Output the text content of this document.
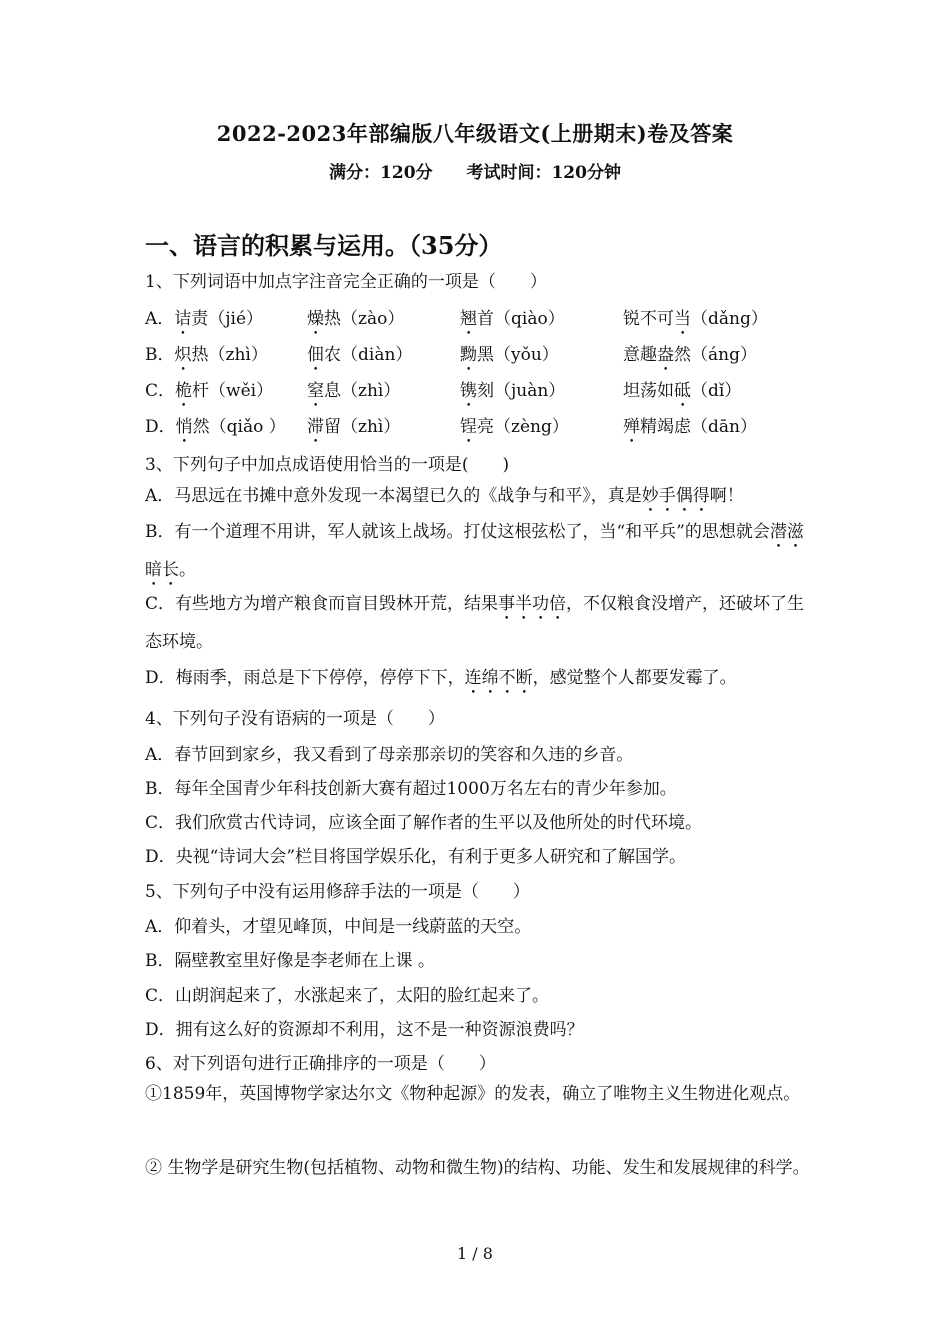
2022-2023年部编版八年级语文(上册期末)卷及答案
满分：120分 考试时间：120分钟
一、语言的积累与运用。（35分）
1、下列词语中加点字注音完全正确的一项是（　　）
A．诘责（jié）	燥热（zào）	翘首（qiào）	锐不可当（dǎng）
B．炽热（zhì） 佃农（diàn）	黝黑（yǒu）	意趣盎然（áng）
C．桅杆（wěi） 窒息（zhì）	镌刻（juàn）	坦荡如砥（dǐ）
D．悄然（qiǎo ） 滞留（zhì）	锃亮（zèng）	殚精竭虑（dān）
3、下列句子中加点成语使用恰当的一项是(　　)
A．马思远在书摊中意外发现一本渴望已久的《战争与和平》，真是妙手偶得啊！
B．有一个道理不用讲，军人就该上战场。打仗这根弦松了，当“和平兵”的思想就会潜滋暗长。
C．有些地方为增产粮食而盲目毁林开荒，结果事半功倍，不仅粮食没增产，还破坏了生态环境。
D．梅雨季，雨总是下下停停，停停下下，连绵不断，感觉整个人都要发霉了。
4、下列句子没有语病的一项是（　　）
A．春节回到家乡，我又看到了母亲那亲切的笑容和久违的乡音。
B．每年全国青少年科技创新大赛有超过1000万名左右的青少年参加。
C．我们欣赏古代诗词，应该全面了解作者的生平以及他所处的时代环境。
D．央视“诗词大会”栏目将国学娱乐化，有利于更多人研究和了解国学。
5、下列句子中没有运用修辞手法的一项是（　　）
A．仰着头，才望见峰顶，中间是一线蔚蓝的天空。
B．隔壁教室里好像是李老师在上课 。
C．山朗润起来了，水涨起来了，太阳的脸红起来了。
D．拥有这么好的资源却不利用，这不是一种资源浪费吗？
6、对下列语句进行正确排序的一项是（　　）
①1859年，英国博物学家达尔文《物种起源》的发表，确立了唯物主义生物进化观点。
② 生物学是研究生物(包括植物、动物和微生物)的结构、功能、发生和发展规律的科学。
1 / 8
